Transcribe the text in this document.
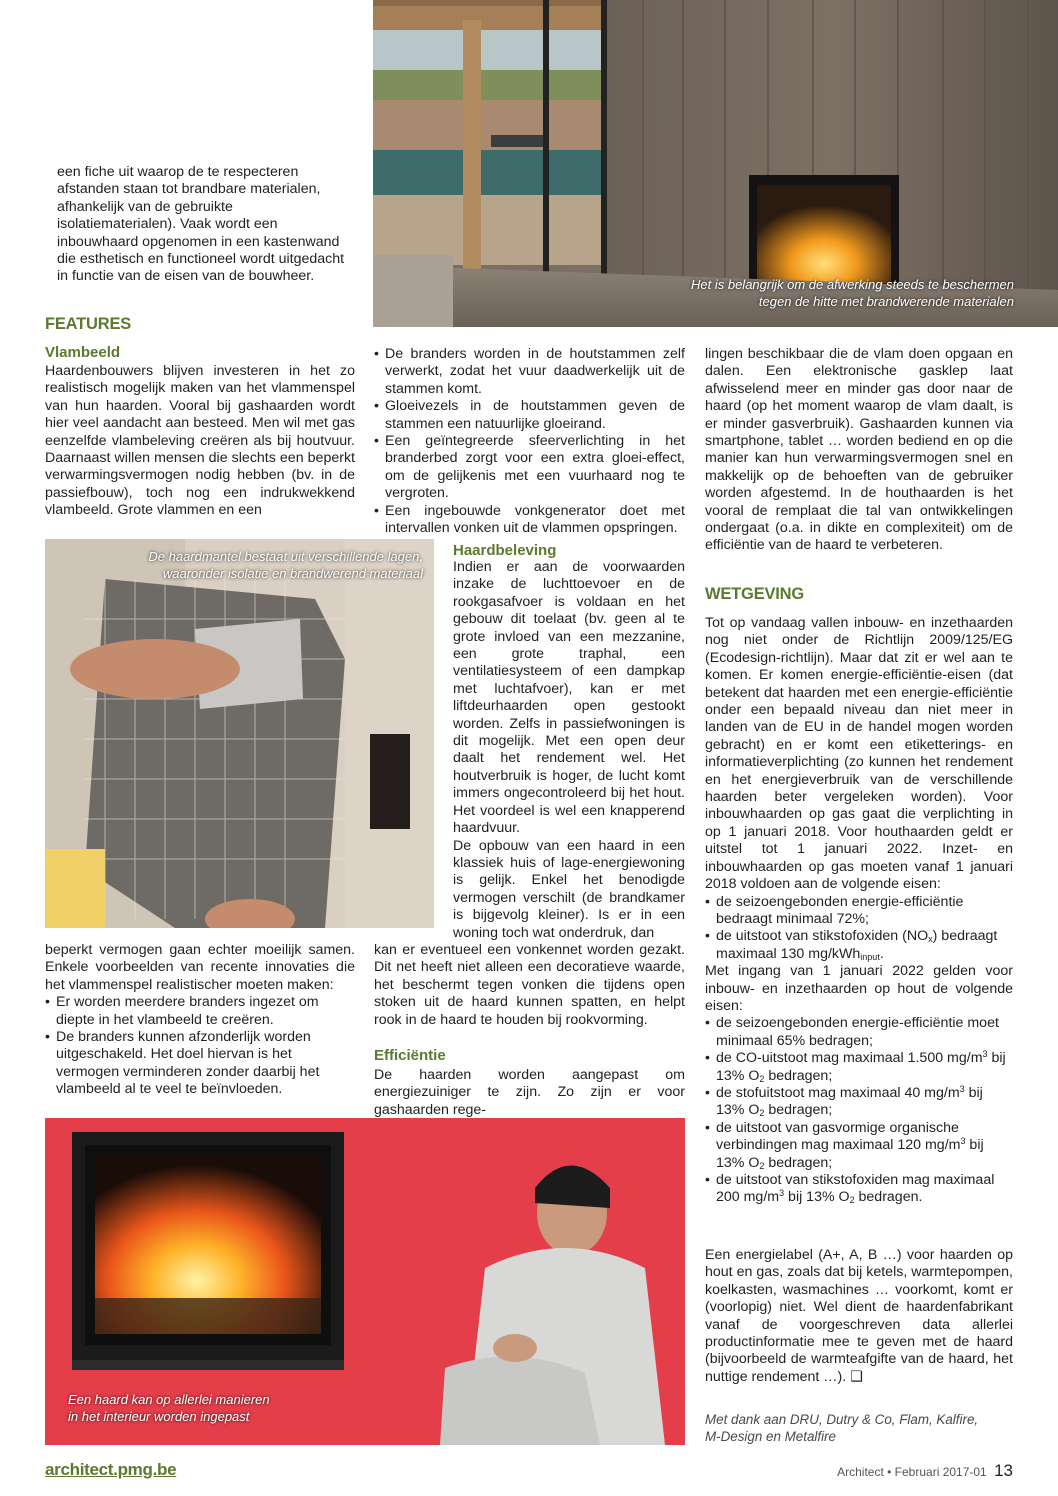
Het is belangrijk om de afwerking steeds te beschermen
tegen de hitte met brandwerende materialen
een fiche uit waarop de te respecteren afstanden staan tot brandbare materialen, afhankelijk van de gebruikte isolatiematerialen). Vaak wordt een inbouwhaard opgenomen in een kastenwand die esthetisch en functioneel wordt uitgedacht in functie van de eisen van de bouwheer.
FEATURES
Vlambeeld
Haardenbouwers blijven investeren in het zo realistisch mogelijk maken van het vlammenspel van hun haarden. Vooral bij gashaarden wordt hier veel aandacht aan besteed. Men wil met gas eenzelfde vlambeleving creëren als bij houtvuur. Daarnaast willen mensen die slechts een beperkt verwarmingsvermogen nodig hebben (bv. in de passiefbouw), toch nog een indrukwekkend vlambeeld. Grote vlammen en een
De haardmantel bestaat uit verschillende lagen,
waaronder isolatie en brandwerend materiaal

beperkt vermogen gaan echter moeilijk samen. Enkele voorbeelden van recente innovaties die het vlammenspel realistischer moeten maken:

• Er worden meerdere branders ingezet om diepte in het vlambeeld te creëren.
• De branders kunnen afzonderlijk worden uitgeschakeld. Het doel hiervan is het vermogen verminderen zonder daarbij het vlambeeld al te veel te beïnvloeden.
• De branders worden in de houtstammen zelf verwerkt, zodat het vuur daadwerkelijk uit de stammen komt.
• Gloeivezels in de houtstammen geven de stammen een natuurlijke gloeirand.
• Een geïntegreerde sfeerverlichting in het branderbed zorgt voor een extra gloei-effect, om de gelijkenis met een vuurhaard nog te vergroten.
• Een ingebouwde vonkgenerator doet met intervallen vonken uit de vlammen opspringen.
Haardbeleving

Indien er aan de voorwaarden inzake de luchttoevoer en de rookgasafvoer is voldaan en het gebouw dit toelaat (bv. geen al te grote invloed van een mezzanine, een grote traphal, een ventilatiesysteem of een dampkap met luchtafvoer), kan er met liftdeurhaarden open gestookt worden. Zelfs in passiefwoningen is dit mogelijk. Met een open deur daalt het rendement wel. Het houtverbruik is hoger, de lucht komt immers ongecontroleerd bij het hout. Het voordeel is wel een knapperend haardvuur.

De opbouw van een haard in een klassiek huis of lage-energiewoning is gelijk. Enkel het benodigde vermogen verschilt (de brandkamer is bijgevolg kleiner). Is er in een woning toch wat onderdruk, dan

kan er eventueel een vonkennet worden gezakt. Dit net heeft niet alleen een decoratieve waarde, het beschermt tegen vonken die tijdens open stoken uit de haard kunnen spatten, en helpt rook in de haard te houden bij rookvorming.
Efficiëntie
De haarden worden aangepast om energiezuiniger te zijn. Zo zijn er voor gashaarden rege-
lingen beschikbaar die de vlam doen opgaan en dalen. Een elektronische gasklep laat afwisselend meer en minder gas door naar de haard (op het moment waarop de vlam daalt, is er minder gasverbruik). Gashaarden kunnen via smartphone, tablet … worden bediend en op die manier kan hun verwarmingsvermogen snel en makkelijk op de behoeften van de gebruiker worden afgestemd. In de houthaarden is het vooral de remplaat die tal van ontwikkelingen ondergaat (o.a. in dikte en complexiteit) om de efficiëntie van de haard te verbeteren.
WETGEVING

Tot op vandaag vallen inbouw- en inzethaarden nog niet onder de Richtlijn 2009/125/EG (Ecodesign-richtlijn). Maar dat zit er wel aan te komen. Er komen energie-efficiëntie-eisen (dat betekent dat haarden met een energie-efficiëntie onder een bepaald niveau dan niet meer in landen van de EU in de handel mogen worden gebracht) en er komt een etiketterings- en informatieverplichting (zo kunnen het rendement en het energieverbruik van de verschillende haarden beter vergeleken worden). Voor inbouwhaarden op gas gaat die verplichting in op 1 januari 2018. Voor houthaarden geldt er uitstel tot 1 januari 2022. Inzet- en inbouwhaarden op gas moeten vanaf 1 januari 2018 voldoen aan de volgende eisen:

• de seizoengebonden energie-efficiëntie bedraagt minimaal 72%;
• de uitstoot van stikstofoxiden $(NO_x)$ bedraagt maximaal 130 mg/kWh$_{input}$.

Met ingang van 1 januari 2022 gelden voor inbouw- en inzethaarden op hout de volgende eisen:

• de seizoengebonden energie-efficiëntie moet minimaal 65% bedragen;
• de CO-uitstoot mag maximaal 1.500 $mg/m^3$ bij 13% $O_2$ bedragen;
• de stofuitstoot mag maximaal 40 $mg/m^3$ bij 13% $O_2$ bedragen;
• de uitstoot van gasvormige organische verbindingen mag maximaal 120 $mg/m^3$ bij 13% $O_2$ bedragen;
• de uitstoot van stikstofoxiden mag maximaal 200 $mg/m^3$ bij 13% $O_2$ bedragen.
Een energielabel (A+, A, B …) voor haarden op hout en gas, zoals dat bij ketels, warmtepompen, koelkasten, wasmachines … voorkomt, komt er (voorlopig) niet. Wel dient de haardenfabrikant vanaf de voorgeschreven data allerlei productinformatie mee te geven met de haard (bijvoorbeeld de warmteafgifte van de haard, het nuttige rendement …). ❑
Met dank aan DRU, Dutry & Co, Flam, Kalfire,
M-Design en Metalfire
Een haard kan op allerlei manieren
in het interieur worden ingepast
architect.pmg.be	Architect • Februari 2017-01 13
